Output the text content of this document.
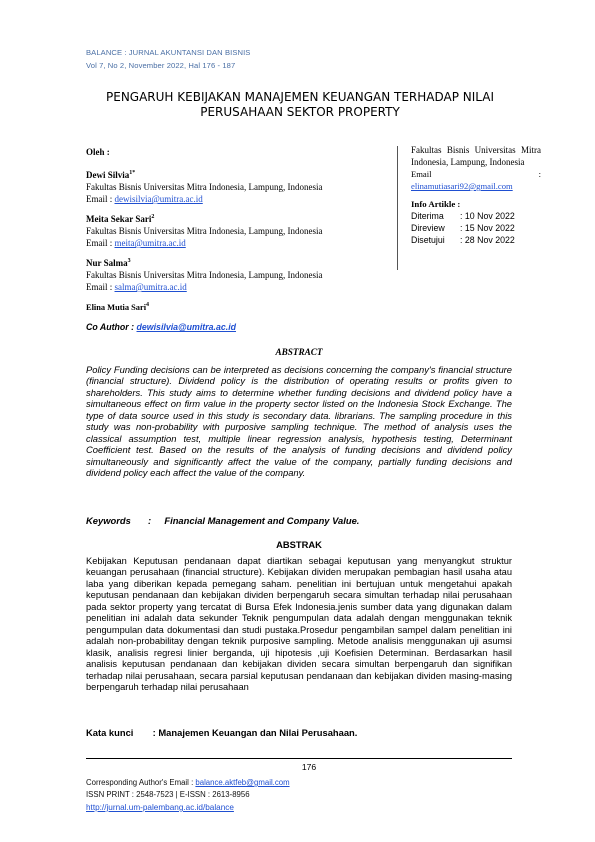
BALANCE : JURNAL AKUNTANSI DAN BISNIS
Vol 7, No 2, November 2022, Hal 176 - 187
PENGARUH KEBIJAKAN MANAJEMEN KEUANGAN TERHADAP NILAI
PERUSAHAAN SEKTOR PROPERTY
Oleh :
Dewi Silvia$^{1*}$
Fakultas Bisnis Universitas Mitra Indonesia, Lampung, Indonesia
Email : dewisilvia@umitra.ac.id
Meita Sekar Sari$^2$
Fakultas Bisnis Universitas Mitra Indonesia, Lampung, Indonesia
Email : meita@umitra.ac.id
Nur Salma$^3$
Fakultas Bisnis Universitas Mitra Indonesia, Lampung, Indonesia
Email : salma@umitra.ac.id
Elina Mutia Sari$^4$
Fakultas Bisnis Universitas Mitra Indonesia, Lampung, Indonesia
Email	:
elinamutiasari92@gmail.com
Info Artikle :
Diterima	: 10 Nov 2022
Direview	: 15 Nov 2022
Disetujui	: 28 Nov 2022
Co Author : dewisilvia@umitra.ac.id
ABSTRACT
Policy Funding decisions can be interpreted as decisions concerning the company's financial structure (financial structure). Dividend policy is the distribution of operating results or profits given to shareholders. This study aims to determine whether funding decisions and dividend policy have a simultaneous effect on firm value in the property sector listed on the Indonesia Stock Exchange. The type of data source used in this study is secondary data. librarians. The sampling procedure in this study was non-probability with purposive sampling technique. The method of analysis uses the classical assumption test, multiple linear regression analysis, hypothesis testing, Determinant Coefficient test. Based on the results of the analysis of funding decisions and dividend policy simultaneously and significantly affect the value of the company, partially funding decisions and dividend policy each affect the value of the company.
Keywords : Financial Management and Company Value.
ABSTRAK
Kebijakan Keputusan pendanaan dapat diartikan sebagai keputusan yang menyangkut struktur keuangan perusahaan (financial structure). Kebijakan dividen merupakan pembagian hasil usaha atau laba yang diberikan kepada pemegang saham. penelitian ini bertujuan untuk mengetahui apakah keputusan pendanaan dan kebijakan dividen berpengaruh secara simultan terhadap nilai perusahaan pada sektor property yang tercatat di Bursa Efek Indonesia.jenis sumber data yang digunakan dalam penelitian ini adalah data sekunder Teknik pengumpulan data adalah dengan menggunakan teknik pengumpulan data dokumentasi dan studi pustaka.Prosedur pengambilan sampel dalam penelitian ini adalah non-probabilitay dengan teknik purposive sampling. Metode analisis menggunakan uji asumsi klasik, analisis regresi linier berganda, uji hipotesis ,uji Koefisien Determinan. Berdasarkan hasil analisis keputusan pendanaan dan kebijakan dividen secara simultan berpengaruh dan signifikan terhadap nilai perusahaan, secara parsial keputusan pendanaan dan kebijakan dividen masing-masing berpengaruh terhadap nilai perusahaan
Kata kunci : Manajemen Keuangan dan Nilai Perusahaan.
176
Corresponding Author's Email : balance.aktfeb@gmail.com
ISSN PRINT : 2548-7523 | E-ISSN : 2613-8956
http://jurnal.um-palembang.ac.id/balance
